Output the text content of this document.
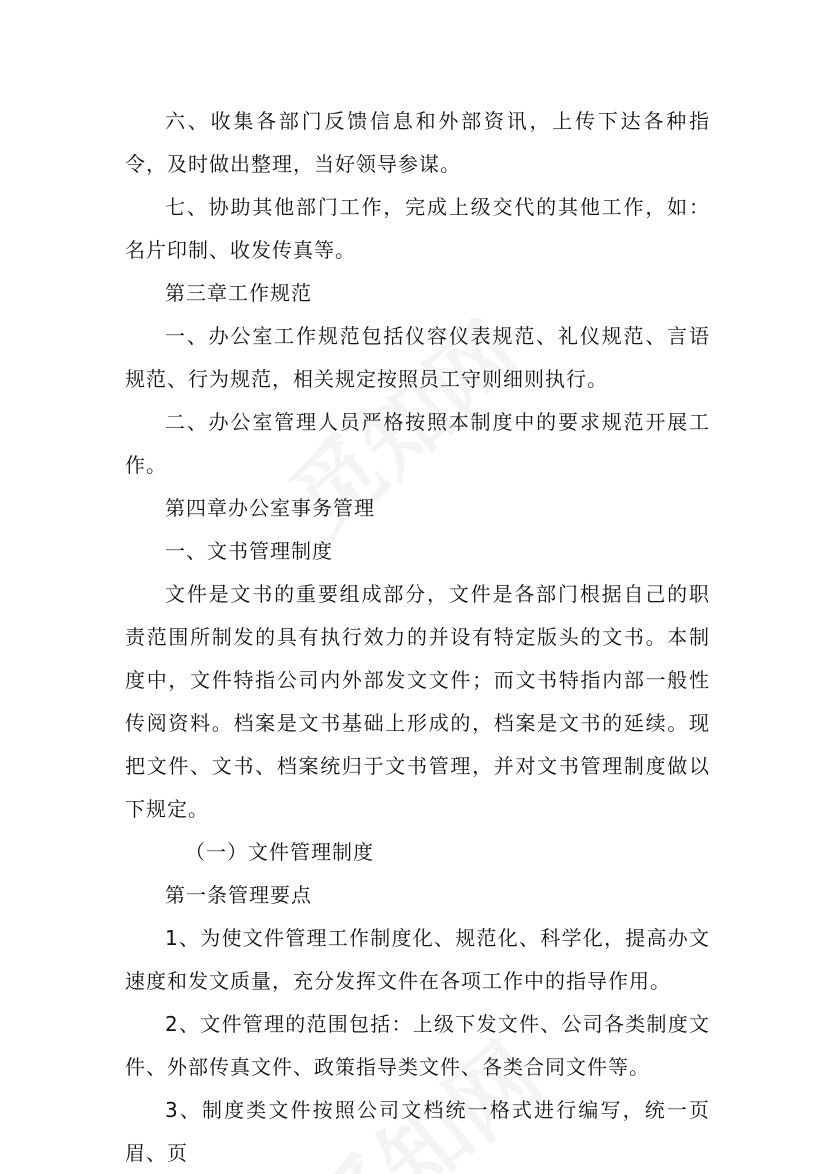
六、收集各部门反馈信息和外部资讯，上传下达各种指令，及时做出整理，当好领导参谋。

七、协助其他部门工作，完成上级交代的其他工作，如：名片印制、收发传真等。

第三章工作规范

一、办公室工作规范包括仪容仪表规范、礼仪规范、言语规范、行为规范，相关规定按照员工守则细则执行。

二、办公室管理人员严格按照本制度中的要求规范开展工作。

第四章办公室事务管理

一、文书管理制度

文件是文书的重要组成部分，文件是各部门根据自己的职责范围所制发的具有执行效力的并设有特定版头的文书。本制度中，文件特指公司内外部发文文件；而文书特指内部一般性传阅资料。档案是文书基础上形成的，档案是文书的延续。现把文件、文书、档案统归于文书管理，并对文书管理制度做以下规定。

（一）文件管理制度

第一条管理要点

1、为使文件管理工作制度化、规范化、科学化，提高办文速度和发文质量，充分发挥文件在各项工作中的指导作用。

2、文件管理的范围包括：上级下发文件、公司各类制度文件、外部传真文件、政策指导类文件、各类合同文件等。

3、制度类文件按照公司文档统一格式进行编写，统一页眉、页
